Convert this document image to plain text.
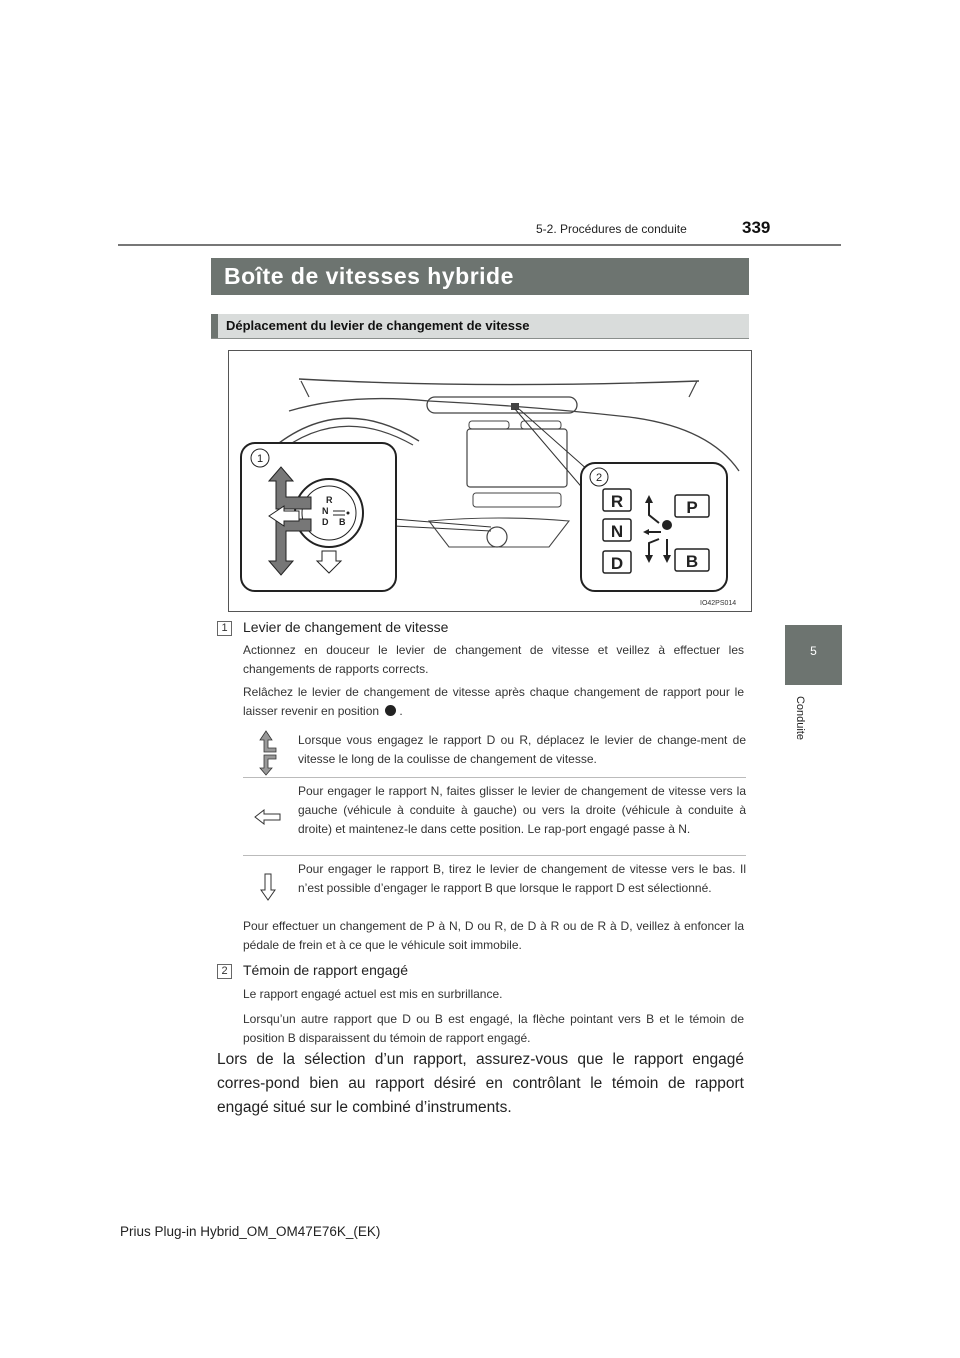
5-2. Procédures de conduite	339
Boîte de vitesses hybride
Déplacement du levier de changement de vitesse
1
R
N
D B
2
R
N
D
P
B
IO42PS014
1	Levier de changement de vitesse
Actionnez en douceur le levier de changement de vitesse et veillez à effectuer les changements de rapports corrects.
Relâchez le levier de changement de vitesse après chaque changement de rapport pour le laisser revenir en position .
Lorsque vous engagez le rapport D ou R, déplacez le levier de change-ment de vitesse le long de la coulisse de changement de vitesse.
Pour engager le rapport N, faites glisser le levier de changement de vitesse vers la gauche (véhicule à conduite à gauche) ou vers la droite (véhicule à conduite à droite) et maintenez-le dans cette position. Le rap-port engagé passe à N.
Pour engager le rapport B, tirez le levier de changement de vitesse vers le bas. Il n’est possible d’engager le rapport B que lorsque le rapport D est sélectionné.
Pour effectuer un changement de P à N, D ou R, de D à R ou de R à D, veillez à enfoncer la pédale de frein et à ce que le véhicule soit immobile.
2	Témoin de rapport engagé
Le rapport engagé actuel est mis en surbrillance.
Lorsqu’un autre rapport que D ou B est engagé, la flèche pointant vers B et le témoin de position B disparaissent du témoin de rapport engagé.
Lors de la sélection d’un rapport, assurez-vous que le rapport engagé corres-pond bien au rapport désiré en contrôlant le témoin de rapport engagé situé sur le combiné d’instruments.
5
Conduite
Prius Plug-in Hybrid_OM_OM47E76K_(EK)
